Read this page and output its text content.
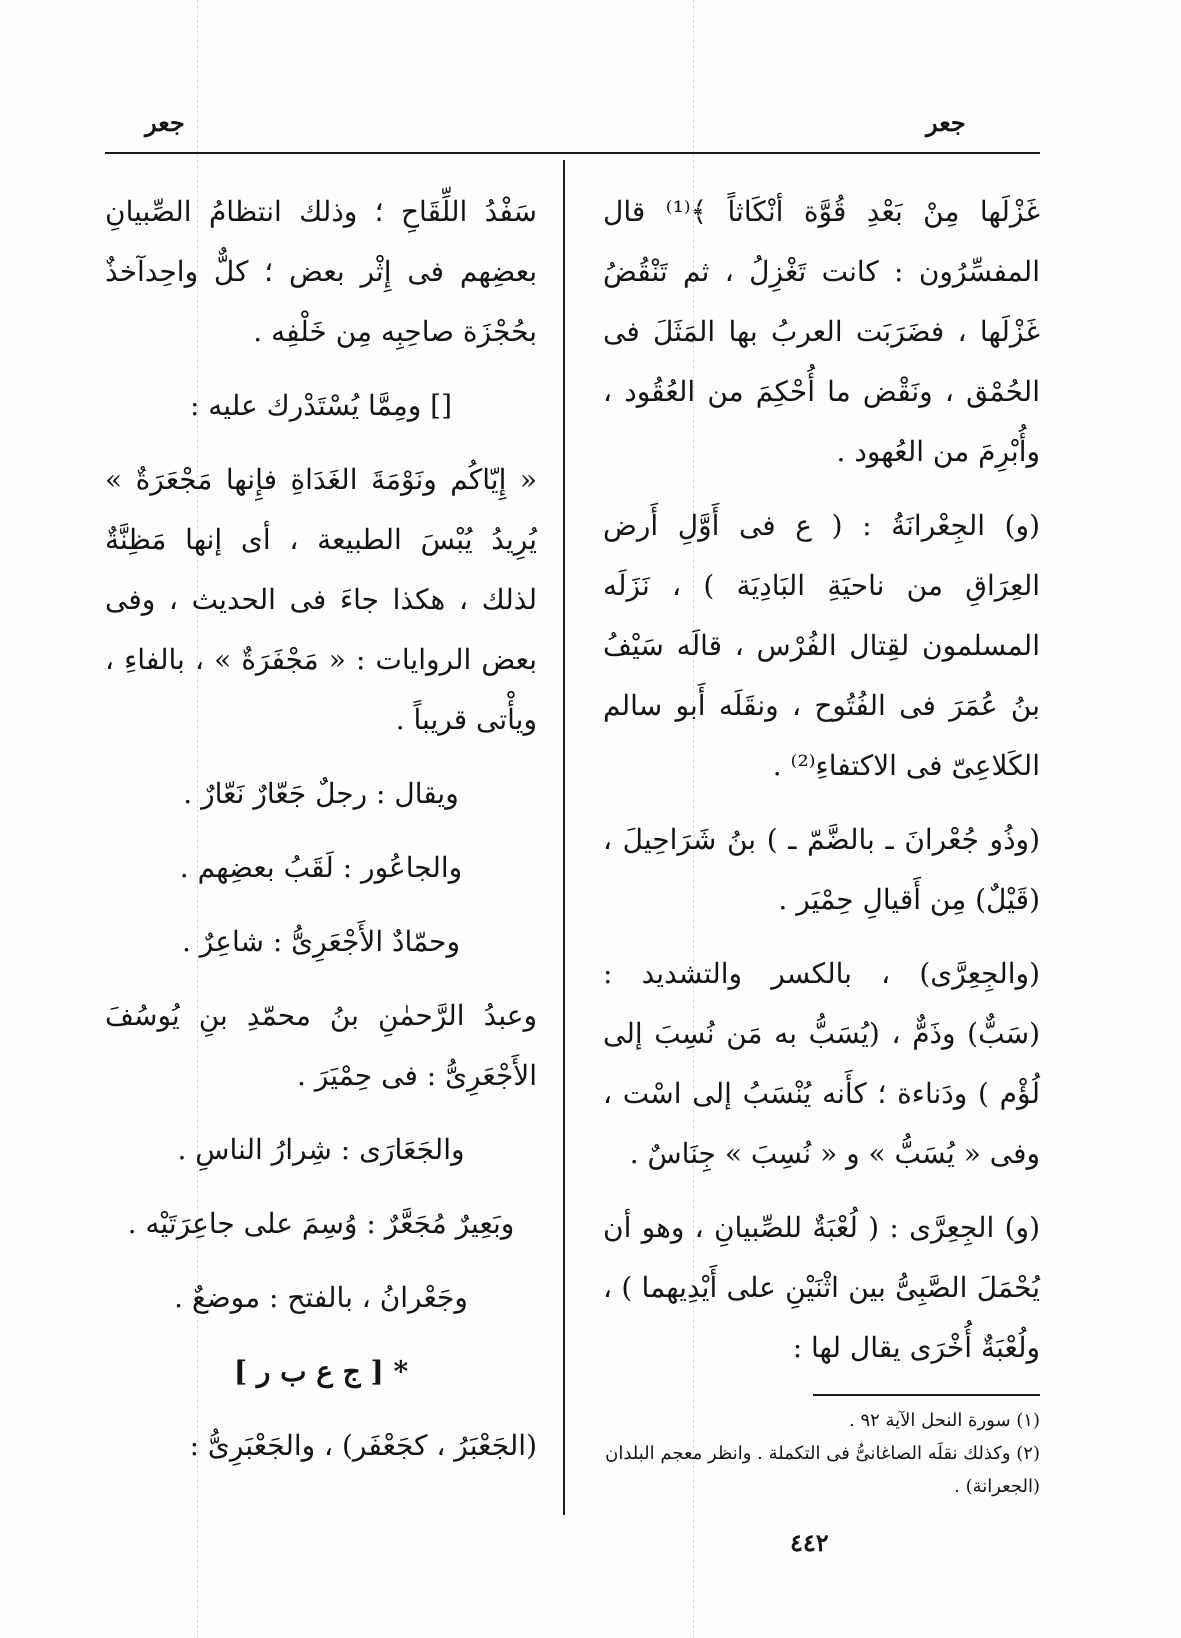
جعر
جعر

غَزْلَها مِنْ بَعْدِ قُوَّة أنْكَاثاً ﴾⁽¹⁾ قال المفسِّرُون : كانت تَغْزِلُ ، ثم تَنْقُضُ غَزْلَها ، فضَرَبَت العربُ بها المَثَلَ فى الحُمْق ، ونَقْض ما أُحْكِمَ من العُقُود ، وأُبْرِمَ من العُهود .

(و) الجِعْرانَةُ : ( ع فى أَوَّلِ أَرض العِرَاقِ من ناحيَةِ البَادِيَة ) ، نَزَلَه المسلمون لقِتال الفُرْس ، قالَه سَيْفُ بنُ عُمَرَ فى الفُتُوح ، ونقَلَه أَبو سالم الكَلاعِىّ فى الاكتفاءِ⁽²⁾ .

(وذُو جُعْرانَ ـ بالضَّمّ ـ ) بنُ شَرَاحِيلَ ، (قَيْلٌ) مِن أَقيالِ حِمْيَر .

(والجِعِرَّى) ، بالكسر والتشديد : (سَبٌّ) وذَمٌّ ، (يُسَبُّ به مَن نُسِبَ إلى لُؤْم ) ودَناءة ؛ كأَنه يُنْسَبُ إلى اسْت ، وفى « يُسَبُّ » و « نُسِبَ » جِنَاسٌ .

(و) الجِعِرَّى : ( لُعْبَةٌ للصِّبيانِ ، وهو أن يُحْمَلَ الصَّبِىُّ بين اثْنَيْنِ على أَيْدِيهما ) ، ولُعْبَةٌ أُخْرَى يقال لها :

سَفْدُ اللِّقَاحِ ؛ وذلك انتظامُ الصِّبيانِ بعضِهم فى إِثْر بعض ؛ كلٌّ واحِدآخذٌ بحُجْزَة صاحِبِه مِن خَلْفِه .

[] ومِمَّا يُسْتَدْرك عليه :

« إِيّاكُم ونَوْمَةَ الغَدَاةِ فإِنها مَجْعَرَةٌ » يُرِيدُ يُبْسَ الطبيعة ، أى إنها مَظِنَّةٌ لذلك ، هكذا جاءَ فى الحديث ، وفى بعض الروايات : « مَجْفَرَةٌ » ، بالفاءِ ، ويأْتى قريباً .

ويقال : رجلٌ جَعّارٌ نَعّارٌ .

والجاعُور : لَقَبُ بعضِهم .

وحمّادٌ الأَجْعَرِىُّ : شاعِرٌ .

وعبدُ الرَّحمٰنِ بنُ محمّدِ بنِ يُوسُفَ الأَجْعَرِىُّ : فى حِمْيَرَ .

والجَعَارَى : شِرارُ الناسِ .

وبَعِيرٌ مُجَعَّرٌ : وُسِمَ على جاعِرَتَيْه .

وجَعْرانُ ، بالفتح : موضعٌ .

* [ ج ع ب ر ]

(الجَعْبَرُ ، كجَعْفَر) ، والجَعْبَرِىُّ :

(١) سورة النحل الآية ٩٢ .

(٢) وكذلك نقلَه الصاغانىُّ فى التكملة . وانظر معجم البلدان (الجعرانة) .

٤٤٢
